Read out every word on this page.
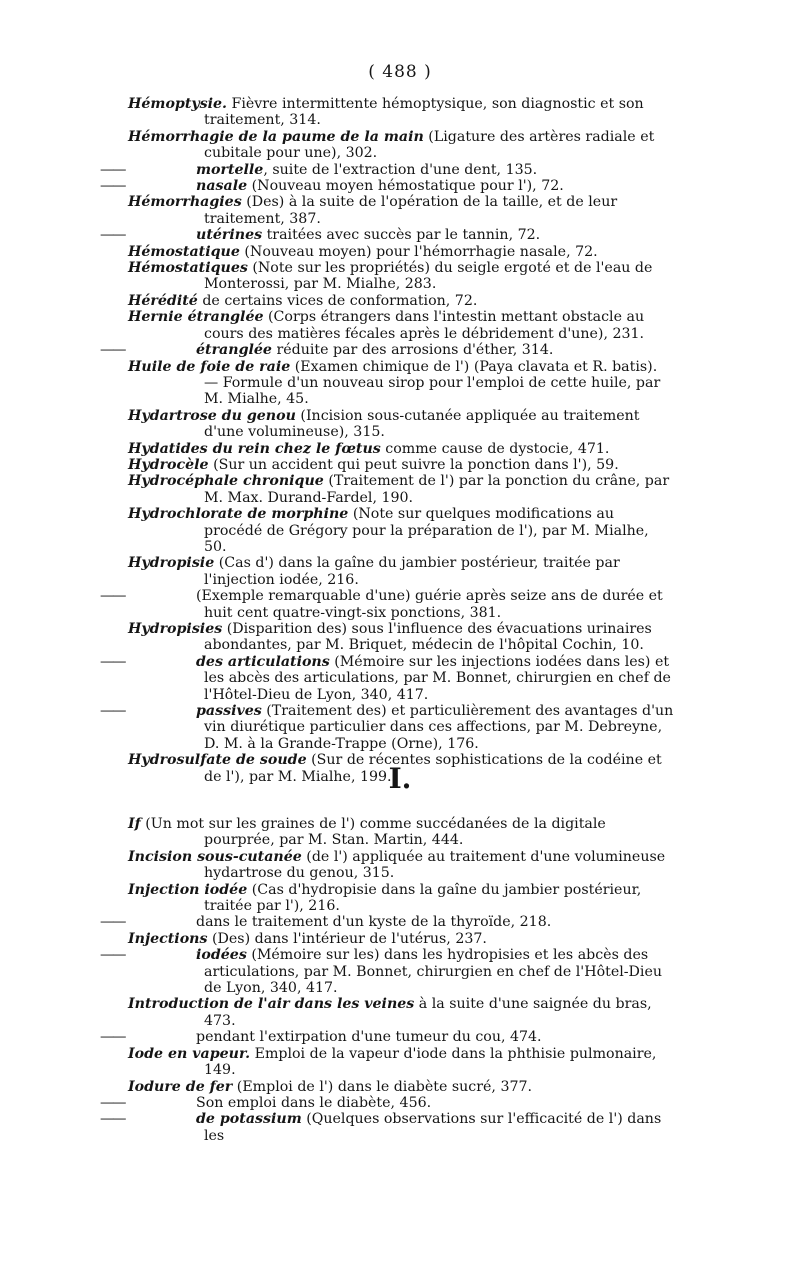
( 488 )

Hémoptysie. Fièvre intermittente hémoptysique, son diagnostic et son traitement, 314.

Hémorrhagie de la paume de la main (Ligature des artères radiale et cubitale pour une), 302.

——	mortelle, suite de l'extraction d'une dent, 135.

——	nasale (Nouveau moyen hémostatique pour l'), 72.

Hémorrhagies (Des) à la suite de l'opération de la taille, et de leur traitement, 387.

——	utérines traitées avec succès par le tannin, 72.

Hémostatique (Nouveau moyen) pour l'hémorrhagie nasale, 72.

Hémostatiques (Note sur les propriétés) du seigle ergoté et de l'eau de Monterossi, par M. Mialhe, 283.

Hérédité de certains vices de conformation, 72.

Hernie étranglée (Corps étrangers dans l'intestin mettant obstacle au cours des matières fécales après le débridement d'une), 231.

——	étranglée réduite par des arrosions d'éther, 314.

Huile de foie de raie (Examen chimique de l') (Paya clavata et R. batis). — Formule d'un nouveau sirop pour l'emploi de cette huile, par M. Mialhe, 45.

Hydartrose du genou (Incision sous-cutanée appliquée au traitement d'une volumineuse), 315.

Hydatides du rein chez le fœtus comme cause de dystocie, 471.

Hydrocèle (Sur un accident qui peut suivre la ponction dans l'), 59.

Hydrocéphale chronique (Traitement de l') par la ponction du crâne, par M. Max. Durand-Fardel, 190.

Hydrochlorate de morphine (Note sur quelques modifications au procédé de Grégory pour la préparation de l'), par M. Mialhe, 50.

Hydropisie (Cas d') dans la gaîne du jambier postérieur, traitée par l'injection iodée, 216.

——	(Exemple remarquable d'une) guérie après seize ans de durée et huit cent quatre-vingt-six ponctions, 381.

Hydropisies (Disparition des) sous l'influence des évacuations urinaires abondantes, par M. Briquet, médecin de l'hôpital Cochin, 10.

——	des articulations (Mémoire sur les injections iodées dans les) et les abcès des articulations, par M. Bonnet, chirurgien en chef de l'Hôtel-Dieu de Lyon, 340, 417.

——	passives (Traitement des) et particulièrement des avantages d'un vin diurétique particulier dans ces affections, par M. Debreyne, D. M. à la Grande-Trappe (Orne), 176.

Hydrosulfate de soude (Sur de récentes sophistications de la codéine et de l'), par M. Mialhe, 199.

I.

If (Un mot sur les graines de l') comme succédanées de la digitale pourprée, par M. Stan. Martin, 444.

Incision sous-cutanée (de l') appliquée au traitement d'une volumineuse hydartrose du genou, 315.

Injection iodée (Cas d'hydropisie dans la gaîne du jambier postérieur, traitée par l'), 216.

——	dans le traitement d'un kyste de la thyroïde, 218.

Injections (Des) dans l'intérieur de l'utérus, 237.

——	iodées (Mémoire sur les) dans les hydropisies et les abcès des articulations, par M. Bonnet, chirurgien en chef de l'Hôtel-Dieu de Lyon, 340, 417.

Introduction de l'air dans les veines à la suite d'une saignée du bras, 473.

——	pendant l'extirpation d'une tumeur du cou, 474.

Iode en vapeur. Emploi de la vapeur d'iode dans la phthisie pulmonaire, 149.

Iodure de fer (Emploi de l') dans le diabète sucré, 377.

——	Son emploi dans le diabète, 456.

——	de potassium (Quelques observations sur l'efficacité de l') dans les
